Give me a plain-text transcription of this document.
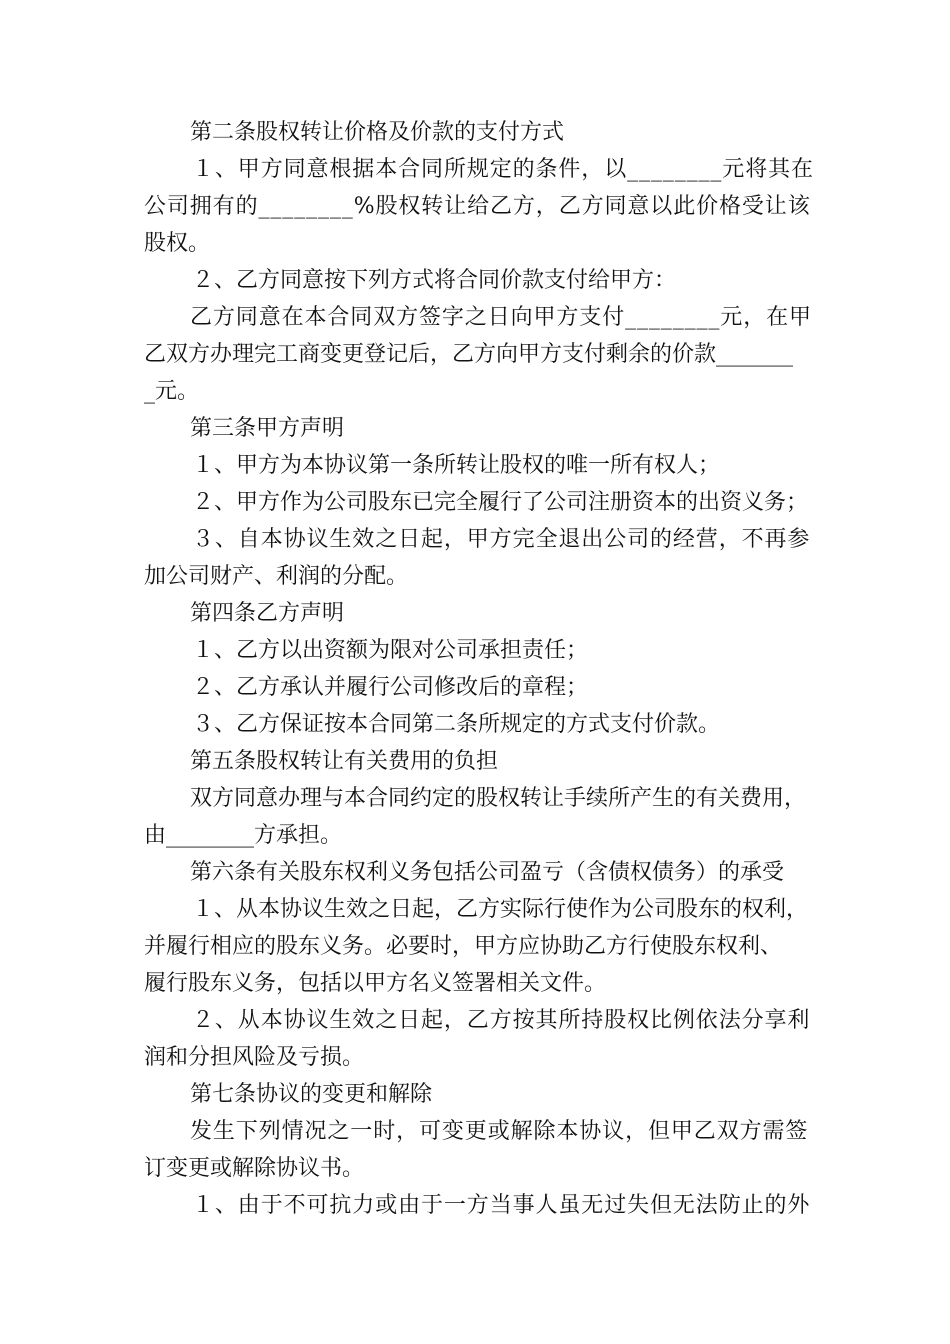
第二条股权转让价格及价款的支付方式
１、甲方同意根据本合同所规定的条件，以________元将其在
公司拥有的________%股权转让给乙方，乙方同意以此价格受让该
股权。
２、乙方同意按下列方式将合同价款支付给甲方：
乙方同意在本合同双方签字之日向甲方支付________元，在甲
乙双方办理完工商变更登记后，乙方向甲方支付剩余的价款_______
_元。
第三条甲方声明
１、甲方为本协议第一条所转让股权的唯一所有权人；
２、甲方作为公司股东已完全履行了公司注册资本的出资义务；
３、自本协议生效之日起，甲方完全退出公司的经营，不再参
加公司财产、利润的分配。
第四条乙方声明
１、乙方以出资额为限对公司承担责任；
２、乙方承认并履行公司修改后的章程；
３、乙方保证按本合同第二条所规定的方式支付价款。
第五条股权转让有关费用的负担
双方同意办理与本合同约定的股权转让手续所产生的有关费用，
由________方承担。
第六条有关股东权利义务包括公司盈亏（含债权债务）的承受
１、从本协议生效之日起，乙方实际行使作为公司股东的权利，
并履行相应的股东义务。必要时，甲方应协助乙方行使股东权利、
履行股东义务，包括以甲方名义签署相关文件。
２、从本协议生效之日起，乙方按其所持股权比例依法分享利
润和分担风险及亏损。
第七条协议的变更和解除
发生下列情况之一时，可变更或解除本协议，但甲乙双方需签
订变更或解除协议书。
１、由于不可抗力或由于一方当事人虽无过失但无法防止的外
